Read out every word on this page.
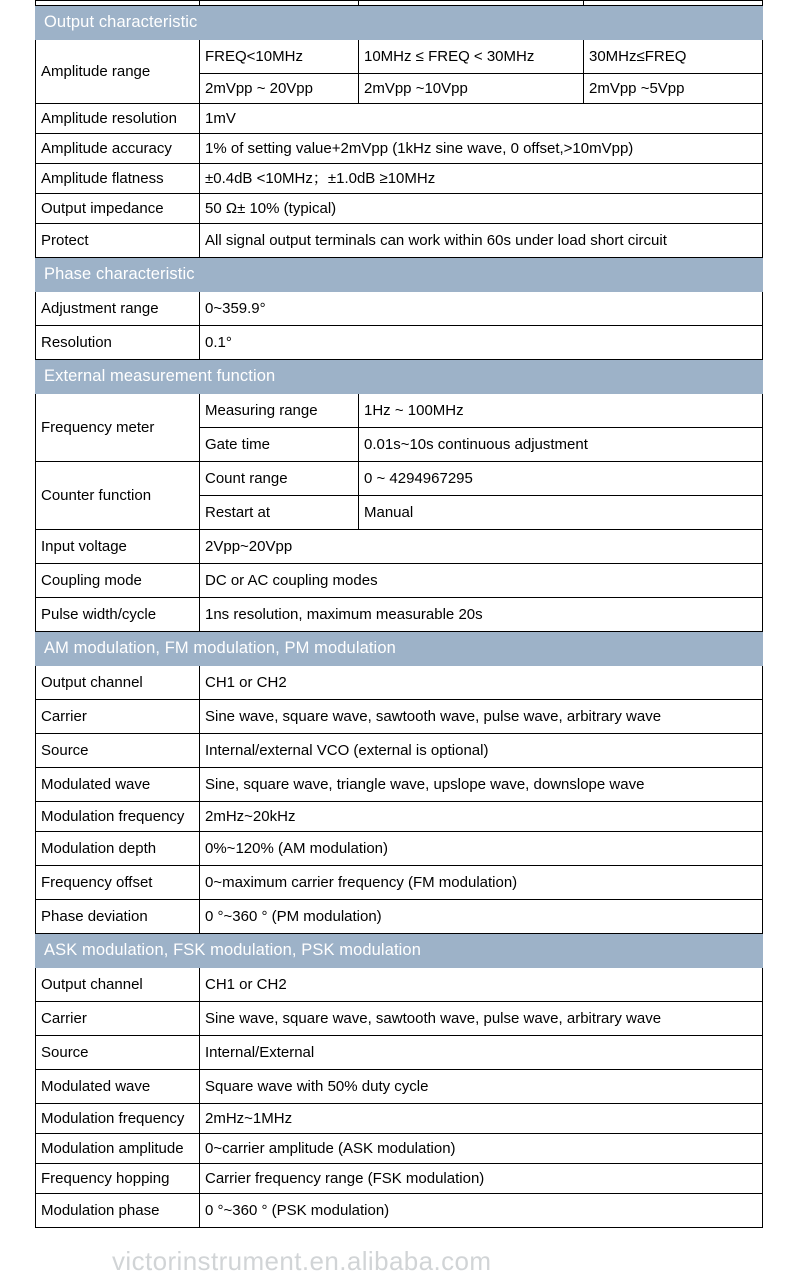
Output characteristic			
Amplitude range	FREQ<10MHz	10MHz ≤ FREQ < 30MHz	30MHz≤FREQ
	2mVpp ~ 20Vpp	2mVpp ~10Vpp	2mVpp ~5Vpp
Amplitude resolution	1mV		
Amplitude accuracy	1% of setting value+2mVpp (1kHz sine wave, 0 offset,>10mVpp)		
Amplitude flatness	±0.4dB <10MHz；±1.0dB ≥10MHz		
Output impedance	50 Ω± 10% (typical)		
Protect	All signal output terminals can work within 60s under load short circuit		
Phase characteristic			
Adjustment range	0~359.9°		
Resolution	0.1°		
External measurement function			
Frequency meter	Measuring range	1Hz ~ 100MHz	
	Gate time	0.01s~10s continuous adjustment	
Counter function	Count range	0 ~ 4294967295	
	Restart at	Manual	
Input voltage	2Vpp~20Vpp		
Coupling mode	DC or AC coupling modes		
Pulse width/cycle	1ns resolution, maximum measurable 20s		
AM modulation, FM modulation, PM modulation			
Output channel	CH1 or CH2		
Carrier	Sine wave, square wave, sawtooth wave, pulse wave, arbitrary wave		
Source	Internal/external VCO (external is optional)		
Modulated wave	Sine, square wave, triangle wave, upslope wave, downslope wave		
Modulation frequency	2mHz~20kHz		
Modulation depth	0%~120% (AM modulation)		
Frequency offset	0~maximum carrier frequency (FM modulation)		
Phase deviation	0 °~360 ° (PM modulation)		
ASK modulation, FSK modulation, PSK modulation			
Output channel	CH1 or CH2		
Carrier	Sine wave, square wave, sawtooth wave, pulse wave, arbitrary wave		
Source	Internal/External		
Modulated wave	Square wave with 50% duty cycle		
Modulation frequency	2mHz~1MHz		
Modulation amplitude	0~carrier amplitude (ASK modulation)		
Frequency hopping	Carrier frequency range (FSK modulation)		
Modulation phase	0 °~360 ° (PSK modulation)		
victorinstrument.en.alibaba.com
